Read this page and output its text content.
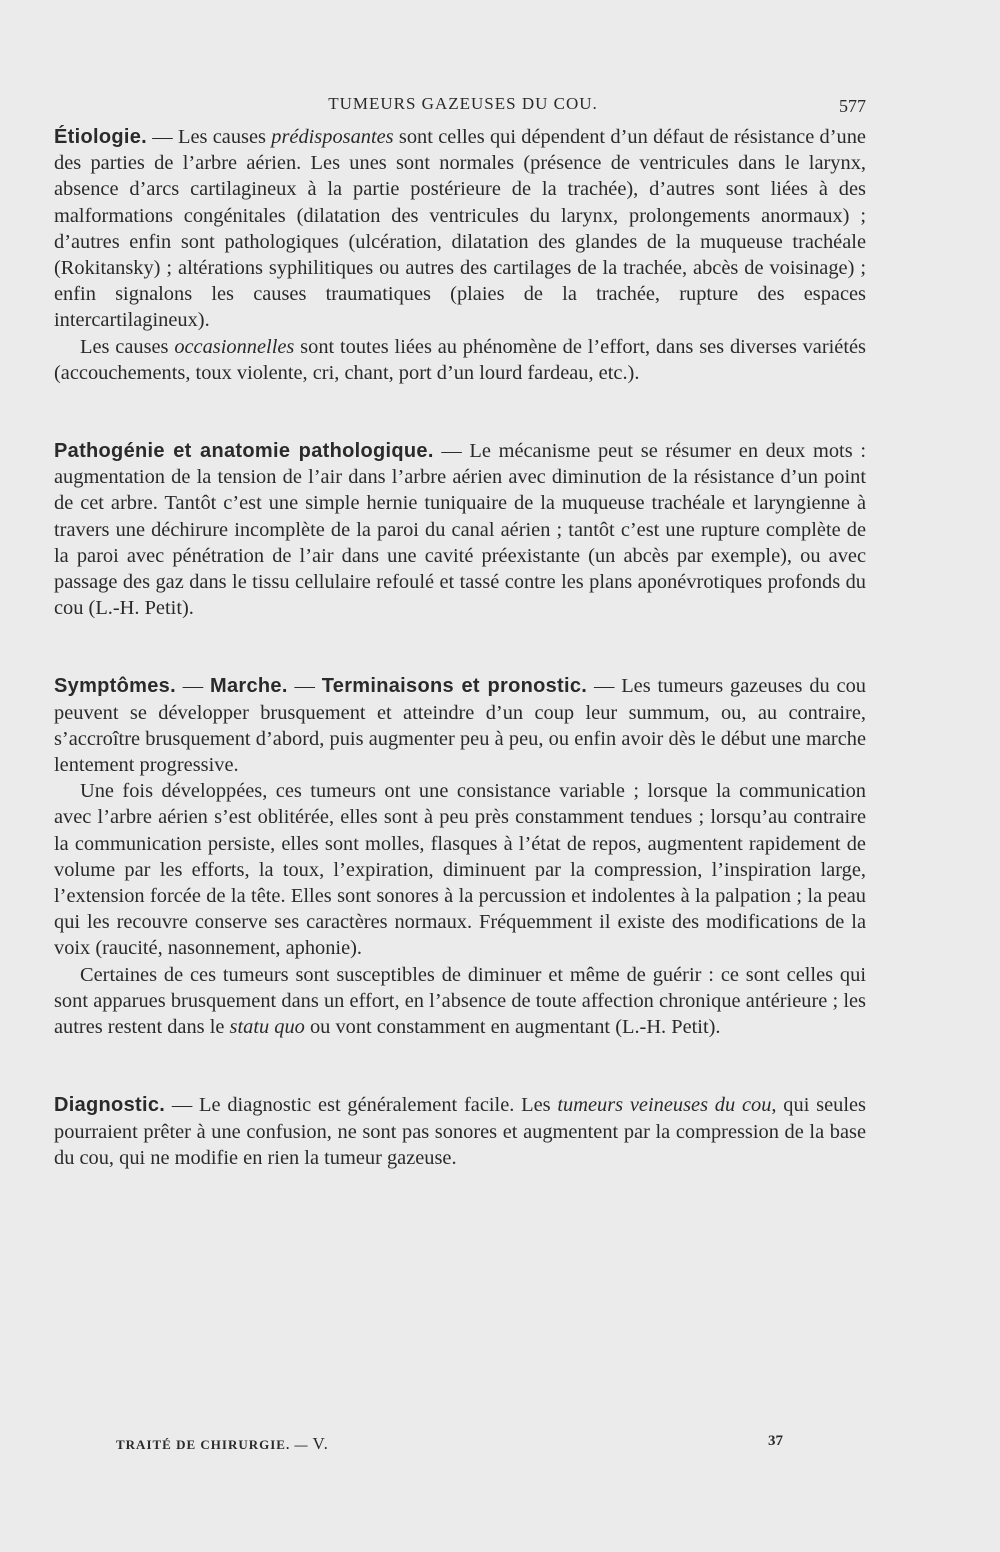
TUMEURS GAZEUSES DU COU.	577

Étiologie. — Les causes prédisposantes sont celles qui dépendent d’un défaut de résistance d’une des parties de l’arbre aérien. Les unes sont normales (présence de ventricules dans le larynx, absence d’arcs cartilagineux à la partie postérieure de la trachée), d’autres sont liées à des malformations congénitales (dilatation des ventricules du larynx, prolongements anormaux) ; d’autres enfin sont pathologiques (ulcération, dilatation des glandes de la muqueuse trachéale (Rokitansky) ; altérations syphilitiques ou autres des cartilages de la trachée, abcès de voisinage) ; enfin signalons les causes traumatiques (plaies de la trachée, rupture des espaces intercartilagineux).

Les causes occasionnelles sont toutes liées au phénomène de l’effort, dans ses diverses variétés (accouchements, toux violente, cri, chant, port d’un lourd fardeau, etc.).

Pathogénie et anatomie pathologique. — Le mécanisme peut se résumer en deux mots : augmentation de la tension de l’air dans l’arbre aérien avec diminution de la résistance d’un point de cet arbre. Tantôt c’est une simple hernie tuniquaire de la muqueuse trachéale et laryngienne à travers une déchirure incomplète de la paroi du canal aérien ; tantôt c’est une rupture complète de la paroi avec pénétration de l’air dans une cavité préexistante (un abcès par exemple), ou avec passage des gaz dans le tissu cellulaire refoulé et tassé contre les plans aponévrotiques profonds du cou (L.-H. Petit).

Symptômes. — Marche. — Terminaisons et pronostic. — Les tumeurs gazeuses du cou peuvent se développer brusquement et atteindre d’un coup leur summum, ou, au contraire, s’accroître brusquement d’abord, puis augmenter peu à peu, ou enfin avoir dès le début une marche lentement progressive.

Une fois développées, ces tumeurs ont une consistance variable ; lorsque la communication avec l’arbre aérien s’est oblitérée, elles sont à peu près constamment tendues ; lorsqu’au contraire la communication persiste, elles sont molles, flasques à l’état de repos, augmentent rapidement de volume par les efforts, la toux, l’expiration, diminuent par la compression, l’inspiration large, l’extension forcée de la tête. Elles sont sonores à la percussion et indolentes à la palpation ; la peau qui les recouvre conserve ses caractères normaux. Fréquemment il existe des modifications de la voix (raucité, nasonnement, aphonie).

Certaines de ces tumeurs sont susceptibles de diminuer et même de guérir : ce sont celles qui sont apparues brusquement dans un effort, en l’absence de toute affection chronique antérieure ; les autres restent dans le statu quo ou vont constamment en augmentant (L.-H. Petit).

Diagnostic. — Le diagnostic est généralement facile. Les tumeurs veineuses du cou, qui seules pourraient prêter à une confusion, ne sont pas sonores et augmentent par la compression de la base du cou, qui ne modifie en rien la tumeur gazeuse.

TRAITÉ DE CHIRURGIE. — V.	37
